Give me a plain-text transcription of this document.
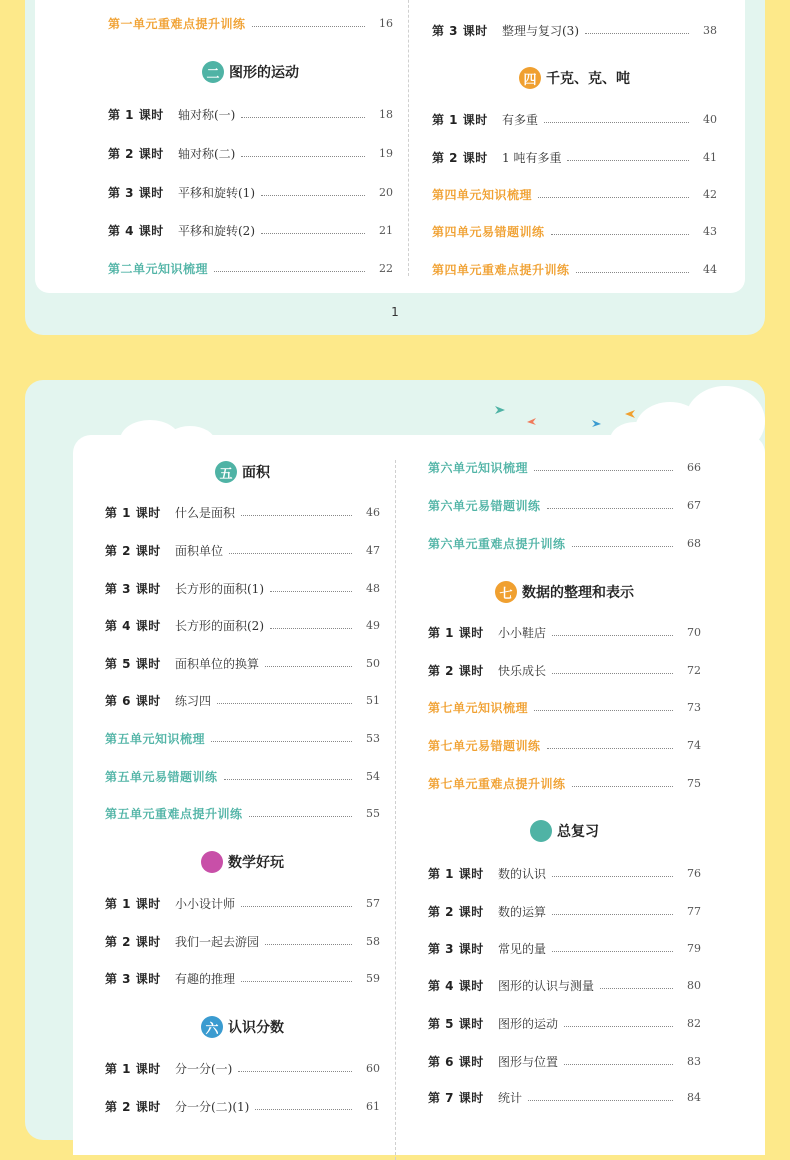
第一单元重难点提升训练	16
二 图形的运动
第 1 课时	轴对称(一)	18
第 2 课时	轴对称(二)	19
第 3 课时	平移和旋转(1)	20
第 4 课时	平移和旋转(2)	21
第二单元知识梳理	22
第 3 课时	整理与复习(3)	38
四 千克、克、吨
第 1 课时	有多重	40
第 2 课时	1 吨有多重	41
第四单元知识梳理	42
第四单元易错题训练	43
第四单元重难点提升训练	44
1
五 面积
第 1 课时	什么是面积	46
第 2 课时	面积单位	47
第 3 课时	长方形的面积(1)	48
第 4 课时	长方形的面积(2)	49
第 5 课时	面积单位的换算	50
第 6 课时	练习四	51
第五单元知识梳理	53
第五单元易错题训练	54
第五单元重难点提升训练	55
数学好玩
第 1 课时	小小设计师	57
第 2 课时	我们一起去游园	58
第 3 课时	有趣的推理	59
六 认识分数
第 1 课时	分一分(一)	60
第 2 课时	分一分(二)(1)	61
第六单元知识梳理	66
第六单元易错题训练	67
第六单元重难点提升训练	68
七 数据的整理和表示
第 1 课时	小小鞋店	70
第 2 课时	快乐成长	72
第七单元知识梳理	73
第七单元易错题训练	74
第七单元重难点提升训练	75
总复习
第 1 课时	数的认识	76
第 2 课时	数的运算	77
第 3 课时	常见的量	79
第 4 课时	图形的认识与测量	80
第 5 课时	图形的运动	82
第 6 课时	图形与位置	83
第 7 课时	统计	84
